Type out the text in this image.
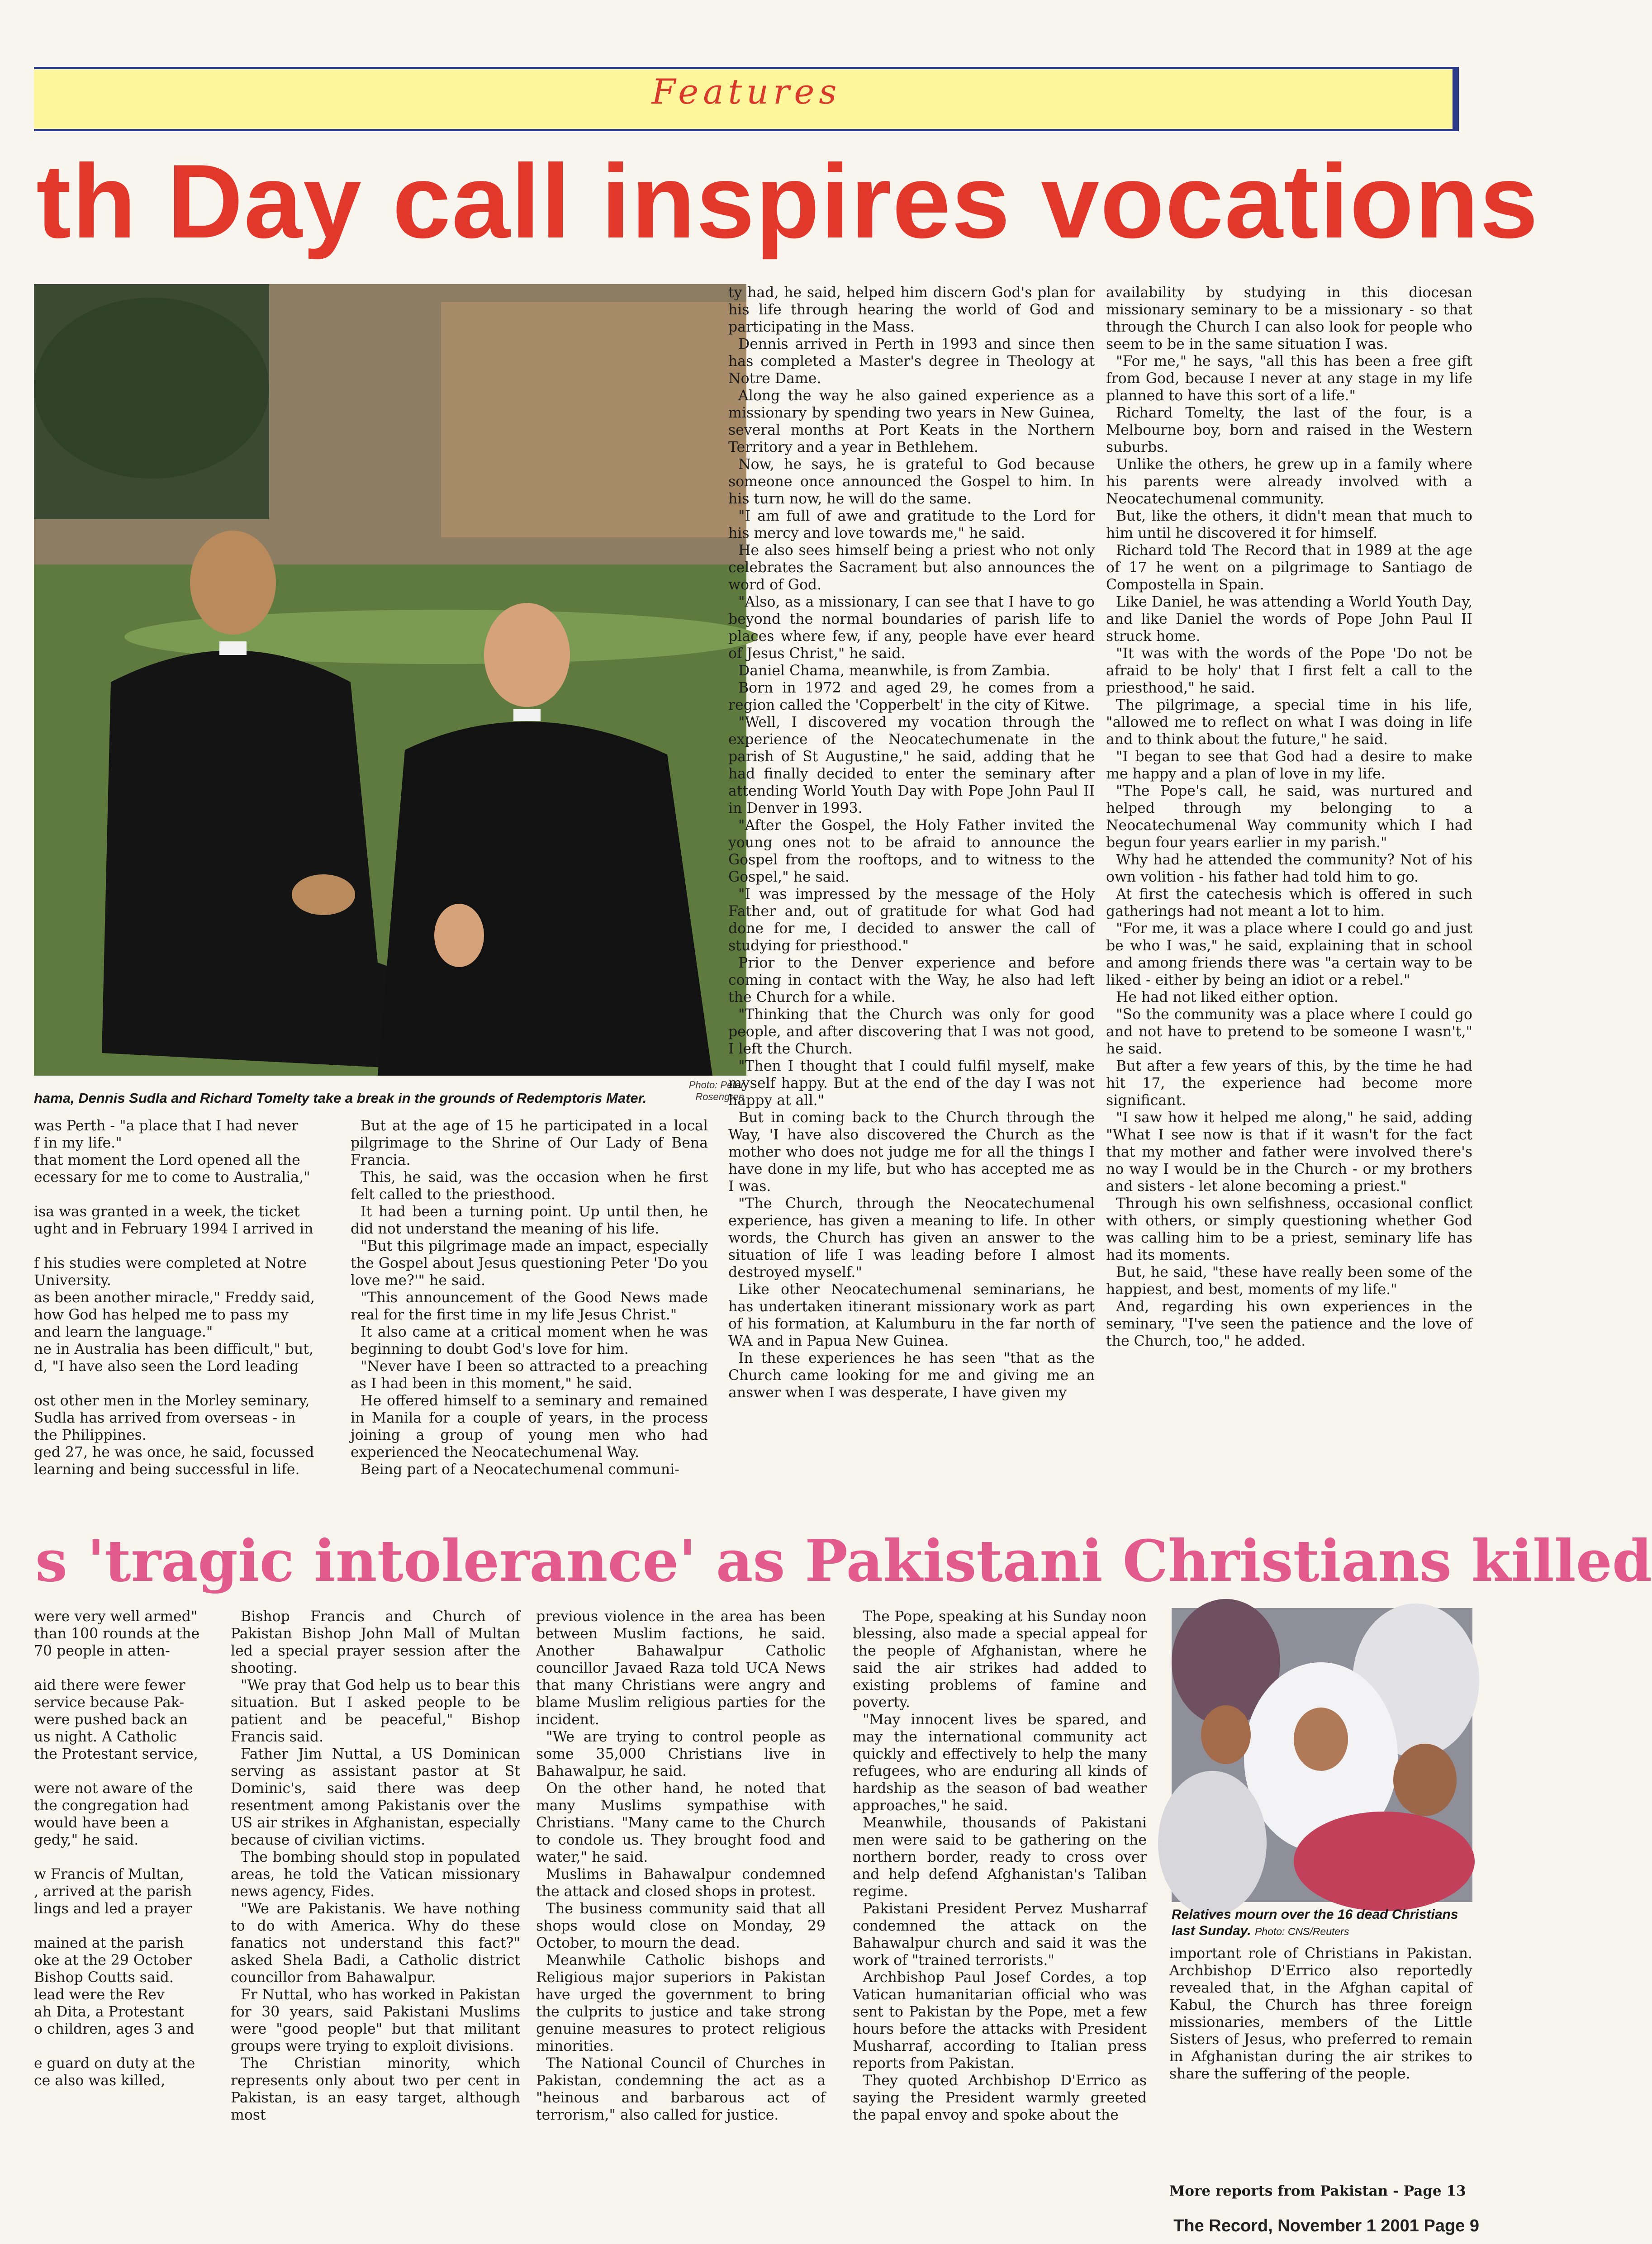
Features
th Day call inspires vocations
Photo: Peter Rosengren
hama, Dennis Sudla and Richard Tomelty take a break in the grounds of Redemptoris Mater.

was Perth - "a place that I had never

f in my life."

that moment the Lord opened all the

ecessary for me to come to Australia,"

isa was granted in a week, the ticket

ught and in February 1994 I arrived in

f his studies were completed at Notre

University.

as been another miracle," Freddy said,

how God has helped me to pass my

and learn the language."

ne in Australia has been difficult," but,

d, "I have also seen the Lord leading

ost other men in the Morley seminary,

Sudla has arrived from overseas - in

the Philippines.

ged 27, he was once, he said, focussed

learning and being successful in life.

But at the age of 15 he participated in a local pilgrimage to the Shrine of Our Lady of Bena Francia.

This, he said, was the occasion when he first felt called to the priesthood.

It had been a turning point. Up until then, he did not understand the meaning of his life.

"But this pilgrimage made an impact, especially the Gospel about Jesus questioning Peter 'Do you love me?'" he said.

"This announcement of the Good News made real for the first time in my life Jesus Christ."

It also came at a critical moment when he was beginning to doubt God's love for him.

"Never have I been so attracted to a preaching as I had been in this moment," he said.

He offered himself to a seminary and remained in Manila for a couple of years, in the process joining a group of young men who had experienced the Neocatechumenal Way.

Being part of a Neocatechumenal communi-

ty had, he said, helped him discern God's plan for his life through hearing the world of God and participating in the Mass.

Dennis arrived in Perth in 1993 and since then has completed a Master's degree in Theology at Notre Dame.

Along the way he also gained experience as a missionary by spending two years in New Guinea, several months at Port Keats in the Northern Territory and a year in Bethlehem.

Now, he says, he is grateful to God because someone once announced the Gospel to him. In his turn now, he will do the same.

"I am full of awe and gratitude to the Lord for his mercy and love towards me," he said.

He also sees himself being a priest who not only celebrates the Sacrament but also announces the word of God.

"Also, as a missionary, I can see that I have to go beyond the normal boundaries of parish life to places where few, if any, people have ever heard of Jesus Christ," he said.

Daniel Chama, meanwhile, is from Zambia.

Born in 1972 and aged 29, he comes from a region called the 'Copperbelt' in the city of Kitwe.

"Well, I discovered my vocation through the experience of the Neocatechumenate in the parish of St Augustine," he said, adding that he had finally decided to enter the seminary after attending World Youth Day with Pope John Paul II in Denver in 1993.

"After the Gospel, the Holy Father invited the young ones not to be afraid to announce the Gospel from the rooftops, and to witness to the Gospel," he said.

"I was impressed by the message of the Holy Father and, out of gratitude for what God had done for me, I decided to answer the call of studying for priesthood."

Prior to the Denver experience and before coming in contact with the Way, he also had left the Church for a while.

"Thinking that the Church was only for good people, and after discovering that I was not good, I left the Church.

"Then I thought that I could fulfil myself, make myself happy. But at the end of the day I was not happy at all."

But in coming back to the Church through the Way, 'I have also discovered the Church as the mother who does not judge me for all the things I have done in my life, but who has accepted me as I was.

"The Church, through the Neocatechumenal experience, has given a meaning to life. In other words, the Church has given an answer to the situation of life I was leading before I almost destroyed myself."

Like other Neocatechumenal seminarians, he has undertaken itinerant missionary work as part of his formation, at Kalumburu in the far north of WA and in Papua New Guinea.

In these experiences he has seen "that as the Church came looking for me and giving me an answer when I was desperate, I have given my

availability by studying in this diocesan missionary seminary to be a missionary - so that through the Church I can also look for people who seem to be in the same situation I was.

"For me," he says, "all this has been a free gift from God, because I never at any stage in my life planned to have this sort of a life."

Richard Tomelty, the last of the four, is a Melbourne boy, born and raised in the Western suburbs.

Unlike the others, he grew up in a family where his parents were already involved with a Neocatechumenal community.

But, like the others, it didn't mean that much to him until he discovered it for himself.

Richard told The Record that in 1989 at the age of 17 he went on a pilgrimage to Santiago de Compostella in Spain.

Like Daniel, he was attending a World Youth Day, and like Daniel the words of Pope John Paul II struck home.

"It was with the words of the Pope 'Do not be afraid to be holy' that I first felt a call to the priesthood," he said.

The pilgrimage, a special time in his life, "allowed me to reflect on what I was doing in life and to think about the future," he said.

"I began to see that God had a desire to make me happy and a plan of love in my life.

"The Pope's call, he said, was nurtured and helped through my belonging to a Neocatechumenal Way community which I had begun four years earlier in my parish."

Why had he attended the community? Not of his own volition - his father had told him to go.

At first the catechesis which is offered in such gatherings had not meant a lot to him.

"For me, it was a place where I could go and just be who I was," he said, explaining that in school and among friends there was "a certain way to be liked - either by being an idiot or a rebel."

He had not liked either option.

"So the community was a place where I could go and not have to pretend to be someone I wasn't," he said.

But after a few years of this, by the time he had hit 17, the experience had become more significant.

"I saw how it helped me along," he said, adding "What I see now is that if it wasn't for the fact that my mother and father were involved there's no way I would be in the Church - or my brothers and sisters - let alone becoming a priest."

Through his own selfishness, occasional conflict with others, or simply questioning whether God was calling him to be a priest, seminary life has had its moments.

But, he said, "these have really been some of the happiest, and best, moments of my life."

And, regarding his own experiences in the seminary, "I've seen the patience and the love of the Church, too," he added.

s 'tragic intolerance' as Pakistani Christians killed

were very well armed"

than 100 rounds at the

70 people in atten-

aid there were fewer

service because Pak-

were pushed back an

us night. A Catholic

the Protestant service,

were not aware of the

the congregation had

would have been a

gedy," he said.

w Francis of Multan,

, arrived at the parish

lings and led a prayer

mained at the parish

oke at the 29 October

Bishop Coutts said.

lead were the Rev

ah Dita, a Protestant

o children, ages 3 and

e guard on duty at the

ce also was killed,

Bishop Francis and Church of Pakistan Bishop John Mall of Multan led a special prayer session after the shooting.

"We pray that God help us to bear this situation. But I asked people to be patient and be peaceful," Bishop Francis said.

Father Jim Nuttal, a US Dominican serving as assistant pastor at St Dominic's, said there was deep resentment among Pakistanis over the US air strikes in Afghanistan, especially because of civilian victims.

The bombing should stop in populated areas, he told the Vatican missionary news agency, Fides.

"We are Pakistanis. We have nothing to do with America. Why do these fanatics not understand this fact?" asked Shela Badi, a Catholic district councillor from Bahawalpur.

Fr Nuttal, who has worked in Pakistan for 30 years, said Pakistani Muslims were "good people" but that militant groups were trying to exploit divisions.

The Christian minority, which represents only about two per cent in Pakistan, is an easy target, although most

previous violence in the area has been between Muslim factions, he said. Another Bahawalpur Catholic councillor Javaed Raza told UCA News that many Christians were angry and blame Muslim religious parties for the incident.

"We are trying to control people as some 35,000 Christians live in Bahawalpur, he said.

On the other hand, he noted that many Muslims sympathise with Christians. "Many came to the Church to condole us. They brought food and water," he said.

Muslims in Bahawalpur condemned the attack and closed shops in protest.

The business community said that all shops would close on Monday, 29 October, to mourn the dead.

Meanwhile Catholic bishops and Religious major superiors in Pakistan have urged the government to bring the culprits to justice and take strong genuine measures to protect religious minorities.

The National Council of Churches in Pakistan, condemning the act as a "heinous and barbarous act of terrorism," also called for justice.

The Pope, speaking at his Sunday noon blessing, also made a special appeal for the people of Afghanistan, where he said the air strikes had added to existing problems of famine and poverty.

"May innocent lives be spared, and may the international community act quickly and effectively to help the many refugees, who are enduring all kinds of hardship as the season of bad weather approaches," he said.

Meanwhile, thousands of Pakistani men were said to be gathering on the northern border, ready to cross over and help defend Afghanistan's Taliban regime.

Pakistani President Pervez Musharraf condemned the attack on the Bahawalpur church and said it was the work of "trained terrorists."

Archbishop Paul Josef Cordes, a top Vatican humanitarian official who was sent to Pakistan by the Pope, met a few hours before the attacks with President Musharraf, according to Italian press reports from Pakistan.

They quoted Archbishop D'Errico as saying the President warmly greeted the papal envoy and spoke about the

Relatives mourn over the 16 dead Christians last Sunday. Photo: CNS/Reuters

important role of Christians in Pakistan. Archbishop D'Errico also reportedly revealed that, in the Afghan capital of Kabul, the Church has three foreign missionaries, members of the Little Sisters of Jesus, who preferred to remain in Afghanistan during the air strikes to share the suffering of the people.

More reports from Pakistan - Page 13
The Record, November 1 2001 Page 9
